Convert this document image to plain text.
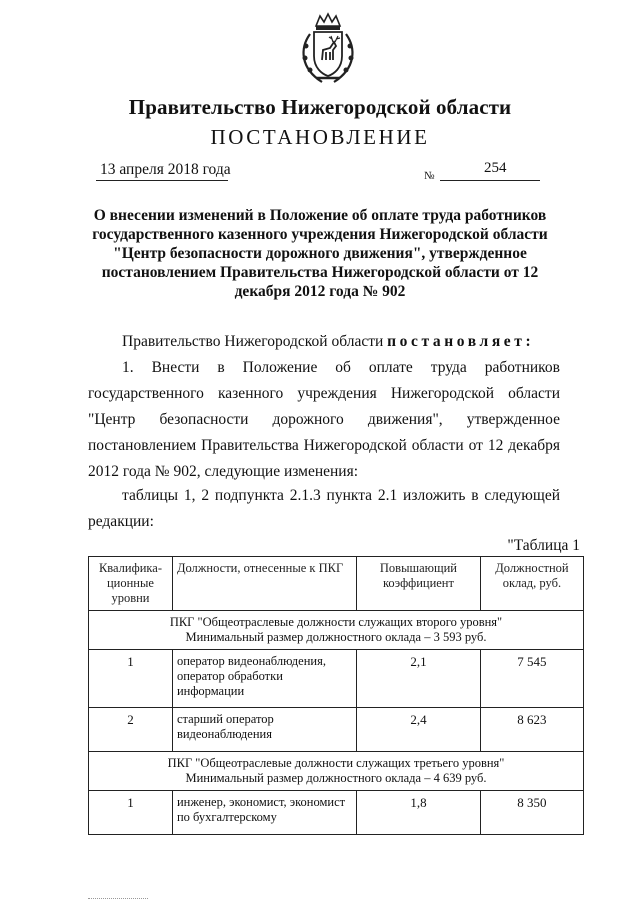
Правительство Нижегородской области
ПОСТАНОВЛЕНИЕ
13 апреля 2018 года	№	254
О внесении изменений в Положение об оплате труда работников государственного казенного учреждения Нижегородской области "Центр безопасности дорожного движения", утвержденное постановлением Правительства Нижегородской области от 12 декабря 2012 года № 902
Правительство Нижегородской области постановляет:
1. Внести в Положение об оплате труда работников государственного казенного учреждения Нижегородской области "Центр безопасности дорожного движения", утвержденное постановлением Правительства Нижегородской области от 12 декабря 2012 года № 902, следующие изменения:
таблицы 1, 2 подпункта 2.1.3 пункта 2.1 изложить в следующей редакции:
"Таблица 1
Квалифика-ционные уровни	Должности, отнесенные к ПКГ	Повышающий коэффициент	Должностной оклад, руб.

ПКГ "Общеотраслевые должности служащих второго уровня"
Минимальный размер должностного оклада – 3 593 руб.			

1	оператор видеонаблюдения, оператор обработки информации	2,1	7 545
2	старший оператор видеонаблюдения	2,4	8 623

ПКГ "Общеотраслевые должности служащих третьего уровня"
Минимальный размер должностного оклада – 4 639 руб.			

1	инженер, экономист, экономист по бухгалтерскому	1,8	8 350
